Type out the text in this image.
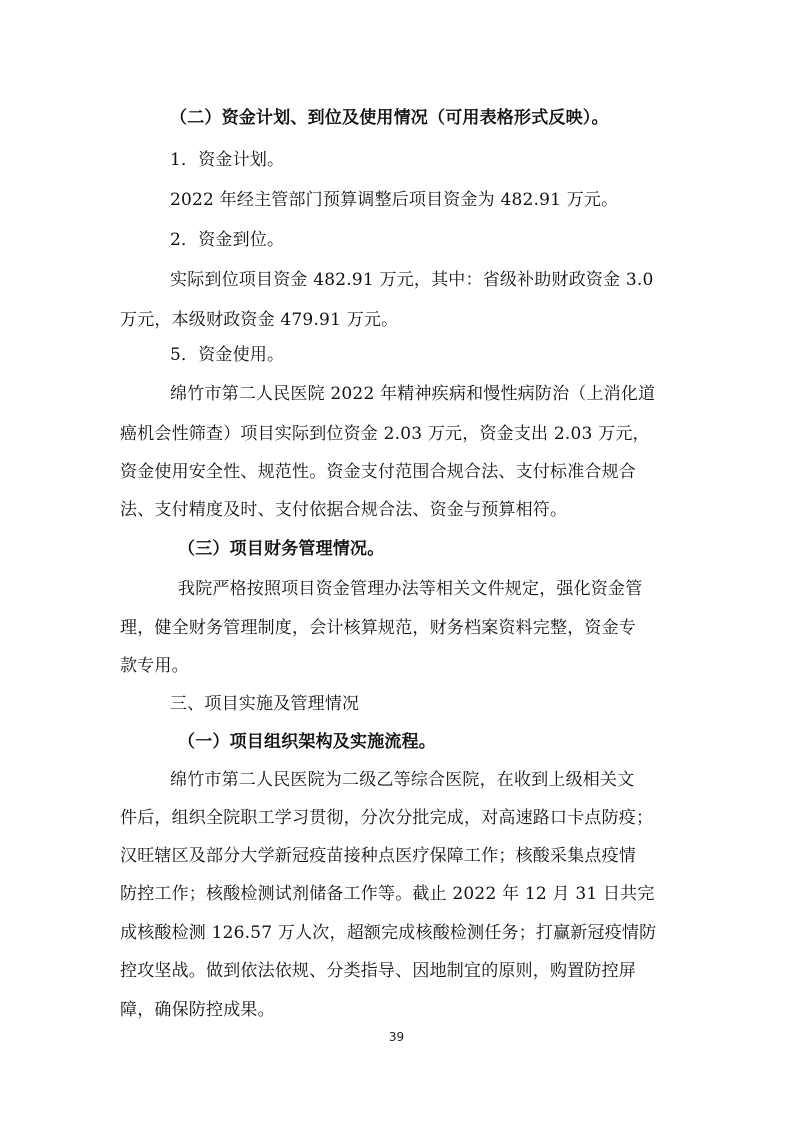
（二）资金计划、到位及使用情况（可用表格形式反映）。
1．资金计划。
2022 年经主管部门预算调整后项目资金为 482.91 万元。
2．资金到位。
实际到位项目资金 482.91 万元，其中：省级补助财政资金 3.0
万元，本级财政资金 479.91 万元。
5．资金使用。
绵竹市第二人民医院 2022 年精神疾病和慢性病防治（上消化道
癌机会性筛查）项目实际到位资金 2.03 万元，资金支出 2.03 万元，
资金使用安全性、规范性。资金支付范围合规合法、支付标准合规合
法、支付精度及时、支付依据合规合法、资金与预算相符。
（三）项目财务管理情况。
我院严格按照项目资金管理办法等相关文件规定，强化资金管
理，健全财务管理制度，会计核算规范，财务档案资料完整，资金专
款专用。
三、项目实施及管理情况
（一）项目组织架构及实施流程。
绵竹市第二人民医院为二级乙等综合医院，在收到上级相关文
件后，组织全院职工学习贯彻，分次分批完成，对高速路口卡点防疫；
汉旺辖区及部分大学新冠疫苗接种点医疗保障工作；核酸采集点疫情
防控工作；核酸检测试剂储备工作等。截止 2022 年 12 月 31 日共完
成核酸检测 126.57 万人次，超额完成核酸检测任务；打赢新冠疫情防
控攻坚战。做到依法依规、分类指导、因地制宜的原则，购置防控屏
障，确保防控成果。
39
